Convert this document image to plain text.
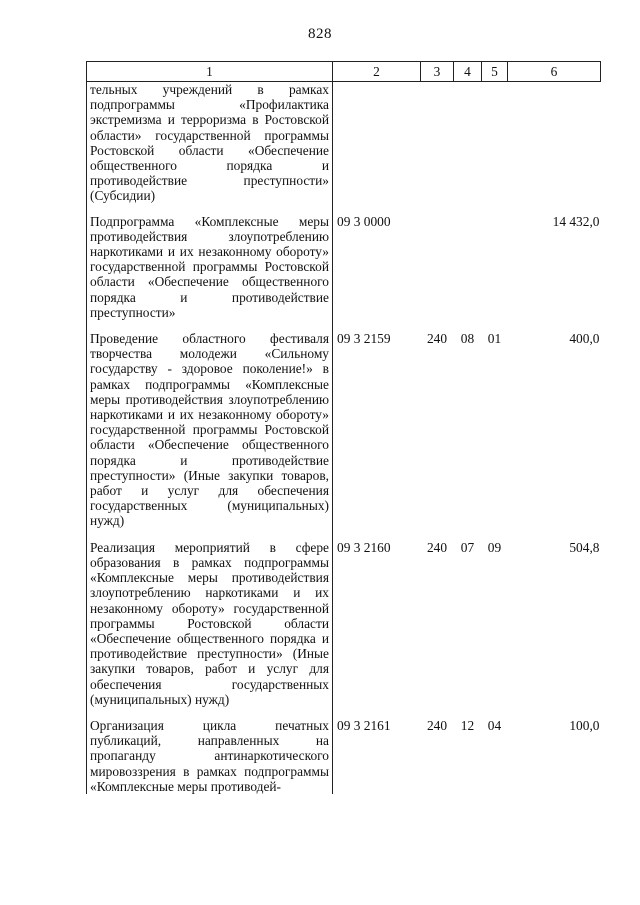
828
1	2	3	4	5	6
тельных учреждений в рамках подпрограммы «Профилактика экстремизма и терроризма в Ростовской области» государственной программы Ростовской области «Обеспечение общественного порядка и противодействие преступности» (Субсидии)					
Подпрограмма «Комплексные меры противодействия злоупотреблению наркотиками и их незаконному обороту» государственной программы Ростовской области «Обеспечение общественного порядка и противодействие преступности»	09 3 0000				14 432,0
Проведение областного фестиваля творчества молодежи «Сильному государству - здоровое поколение!» в рамках подпрограммы «Комплексные меры противодействия злоупотреблению наркотиками и их незаконному обороту» государственной программы Ростовской области «Обеспечение общественного порядка и противодействие преступности» (Иные закупки товаров, работ и услуг для обеспечения государственных (муниципальных) нужд)	09 3 2159	240	08	01	400,0
Реализация мероприятий в сфере образования в рамках подпрограммы «Комплексные меры противодействия злоупотреблению наркотиками и их незаконному обороту» государственной программы Ростовской области «Обеспечение общественного порядка и противодействие преступности» (Иные закупки товаров, работ и услуг для обеспечения государственных (муниципальных) нужд)	09 3 2160	240	07	09	504,8
Организация цикла печатных публикаций, направленных на пропаганду антинаркотического мировоззрения в рамках подпрограммы «Комплексные меры противодей-	09 3 2161	240	12	04	100,0
